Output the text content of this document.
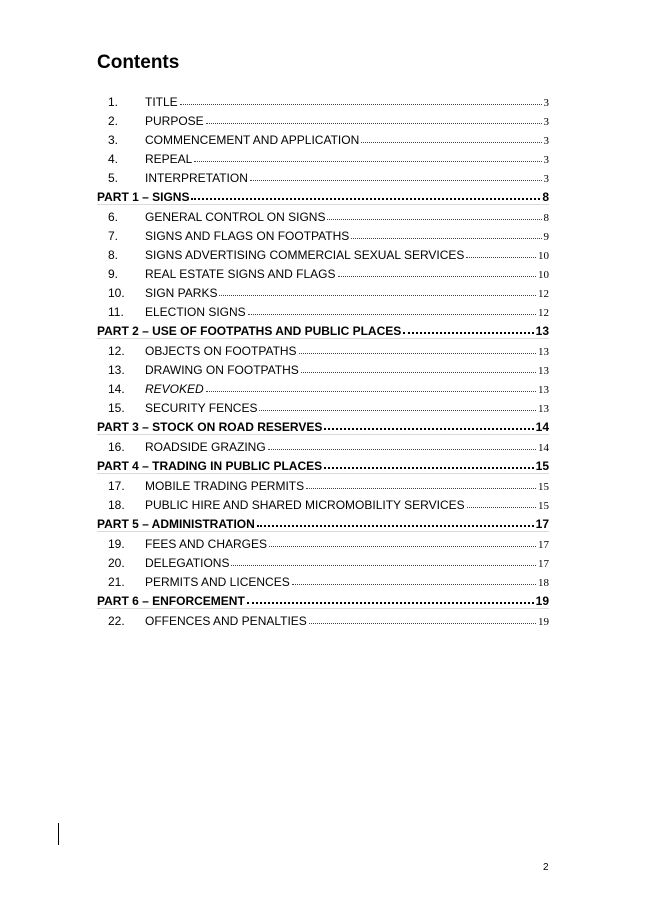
Contents
1.	TITLE	3
2.	PURPOSE	3
3.	COMMENCEMENT AND APPLICATION	3
4.	REPEAL	3
5.	INTERPRETATION	3
PART 1 – SIGNS	8
6.	GENERAL CONTROL ON SIGNS	8
7.	SIGNS AND FLAGS ON FOOTPATHS	9
8.	SIGNS ADVERTISING COMMERCIAL SEXUAL SERVICES	10
9.	REAL ESTATE SIGNS AND FLAGS	10
10.	SIGN PARKS	12
11.	ELECTION SIGNS	12
PART 2 – USE OF FOOTPATHS AND PUBLIC PLACES	13
12.	OBJECTS ON FOOTPATHS	13
13.	DRAWING ON FOOTPATHS	13
14.	REVOKED	13
15.	SECURITY FENCES	13
PART 3 – STOCK ON ROAD RESERVES	14
16.	ROADSIDE GRAZING	14
PART 4 – TRADING IN PUBLIC PLACES	15
17.	MOBILE TRADING PERMITS	15
18.	PUBLIC HIRE AND SHARED MICROMOBILITY SERVICES	15
PART 5 – ADMINISTRATION	17
19.	FEES AND CHARGES	17
20.	DELEGATIONS	17
21.	PERMITS AND LICENCES	18
PART 6 – ENFORCEMENT	19
22.	OFFENCES AND PENALTIES	19
2
